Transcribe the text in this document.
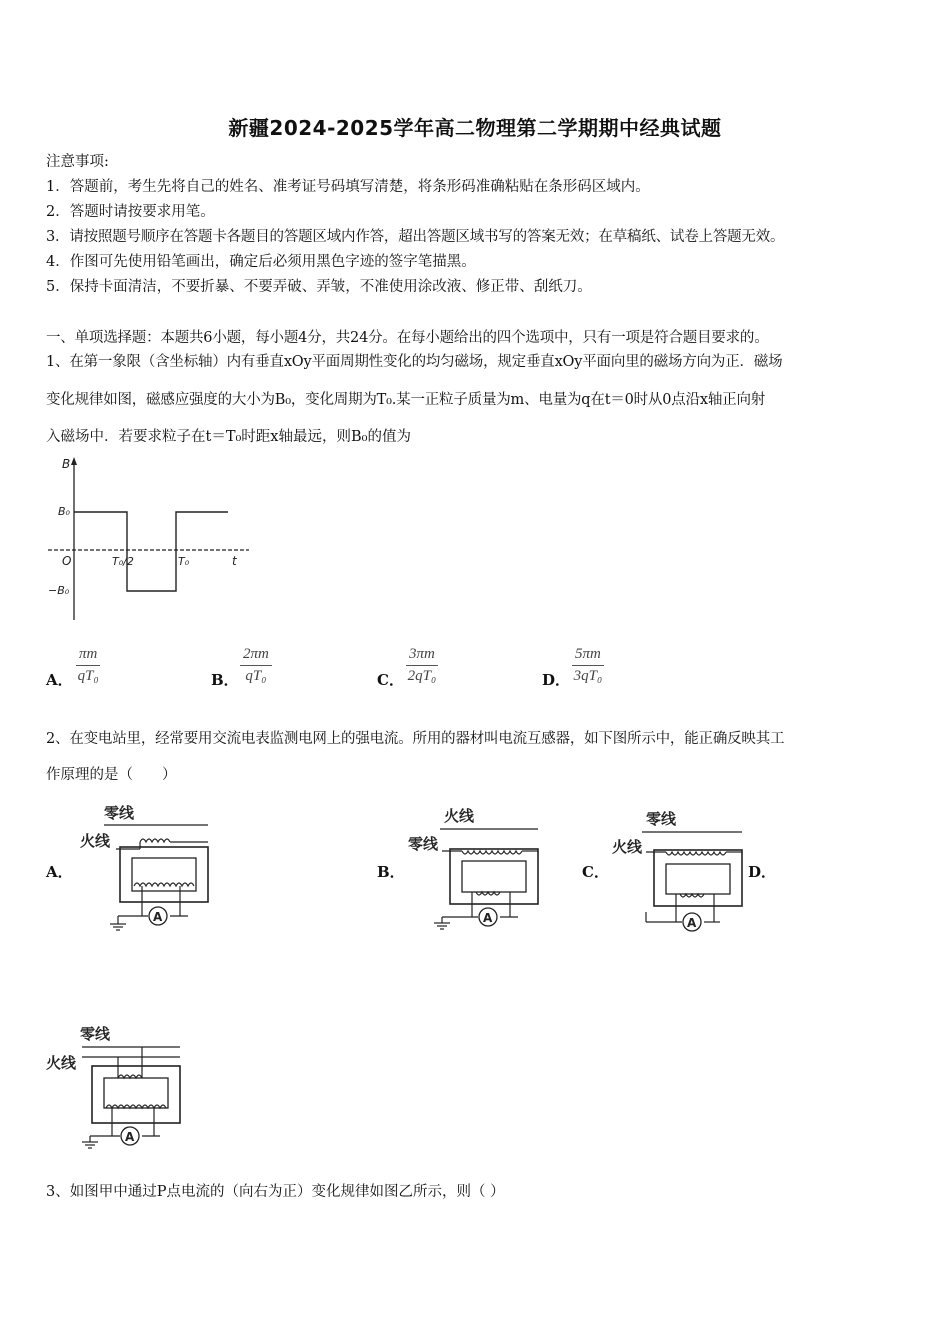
新疆2024-2025学年高二物理第二学期期中经典试题
注意事项:
1．答题前，考生先将自己的姓名、准考证号码填写清楚，将条形码准确粘贴在条形码区域内。
2．答题时请按要求用笔。
3．请按照题号顺序在答题卡各题目的答题区域内作答，超出答题区域书写的答案无效；在草稿纸、试卷上答题无效。
4．作图可先使用铅笔画出，确定后必须用黑色字迹的签字笔描黑。
5．保持卡面清洁，不要折暴、不要弄破、弄皱，不准使用涂改液、修正带、刮纸刀。
一、单项选择题：本题共6小题，每小题4分，共24分。在每小题给出的四个选项中，只有一项是符合题目要求的。
1、在第一象限（含坐标轴）内有垂直xOy平面周期性变化的均匀磁场，规定垂直xOy平面向里的磁场方向为正．磁场
变化规律如图，磁感应强度的大小为B₀，变化周期为T₀.某一正粒子质量为m、电量为q在t＝0时从0点沿x轴正向射
入磁场中．若要求粒子在t＝T₀时距x轴最远，则B₀的值为
B
t
O
B₀
−B₀
T₀/2	T₀
A． $\frac{\pi m}{\text{qT₀}}$	B． $\frac{2\pi m}{\text{qT₀}}$	C． $\frac{3\pi m}{\text{2qT₀}}$	D． $\frac{5\pi m}{\text{3qT₀}}$
2、在变电站里，经常要用交流电表监测电网上的强电流。所用的器材叫电流互感器，如下图所示中，能正确反映其工
作原理的是（　　）
A．	B．	C．	D．
零线
火线
A
火线
零线
A
零线
火线
A
零线
火线
A
3、如图甲中通过P点电流的（向右为正）变化规律如图乙所示，则（ ）
